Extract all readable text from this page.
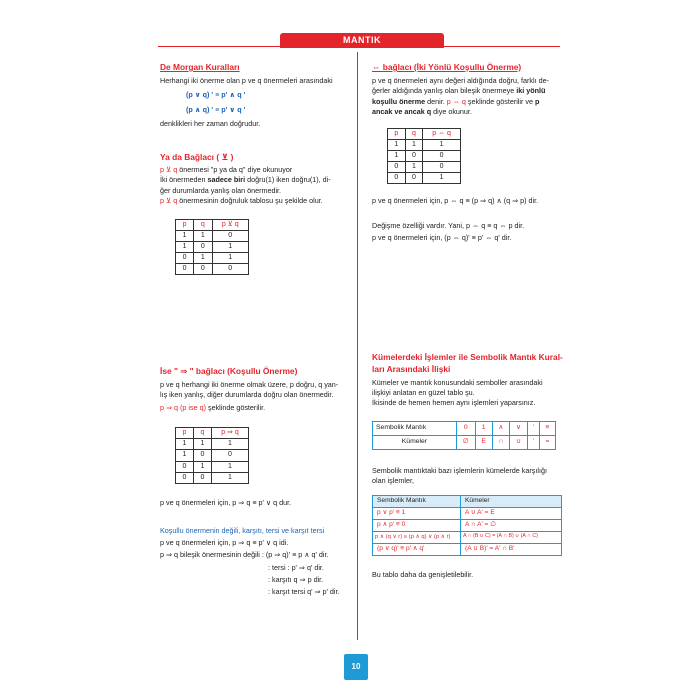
MANTIK
De Morgan Kuralları
Herhangi iki önerme olan p ve q önermeleri arasındaki
(p ∨ q) ' ≡ p' ∧ q '
(p ∧ q) ' ≡ p' ∨ q '
denklikleri her zaman doğrudur.
Ya da Bağlacı ( ⊻ )
p ⊻ q önermesi "p ya da q" diye okunuyor
İki önermeden sadece biri doğru(1) iken doğru(1), di-
ğer durumlarda yanlış olan önermedir.
p ⊻ q önermesinin doğruluk tablosu şu şekilde olur.
p	q	p ⊻ q
1	1	0
1	0	1
0	1	1
0	0	0
İse " ⇒ " bağlacı (Koşullu Önerme)
p ve q herhangi iki önerme olmak üzere, p doğru, q yan-
lış iken yanlış, diğer durumlarda doğru olan önermedir.
p ⇒ q (p ise q) şeklinde gösterilir.
p	q	p ⇒ q
1	1	1
1	0	0
0	1	1
0	0	1
p ve q önermeleri için, p ⇒ q ≡ p' ∨ q dur.
Koşullu önermenin değili, karşıtı, tersi ve karşıt tersi
p ve q önermeleri için, p ⇒ q ≡ p' ∨ q idi.
p ⇒ q bileşik önermesinin değili : (p ⇒ q)' ≡ p ∧ q' dir.
: tersi : p' ⇒ q' dir.
: karşıtı q ⇒ p dir.
: karşıt tersi q' ⇒ p' dir.
⇔ bağlacı (İki Yönlü Koşullu Önerme)
p ve q önermeleri aynı değeri aldığında doğru, farklı de-
ğerler aldığında yanlış olan bileşik önermeye iki yönlü
koşullu önerme denir. p ⇔ q şeklinde gösterilir ve p
ancak ve ancak q diye okunur.
p	q	p ⇔ q
1	1	1
1	0	0
0	1	0
0	0	1
p ve q önermeleri için, p ⇔ q ≡ (p ⇒ q) ∧ (q ⇒ p) dir.
Değişme özelliği vardır. Yani, p ⇔ q ≡ q ⇔ p dir.
p ve q önermeleri için, (p ⇔ q)' ≡ p' ⇔ q' dir.
Kümelerdeki İşlemler ile Sembolik Mantık Kural-
ları Arasındaki İlişki
Kümeler ve mantık konusundaki semboller arasındaki
ilişkiyi anlatan en güzel tablo şu.
İkisinde de hemen hemen aynı işlemleri yaparsınız.
Sembolik Mantık	0	1	∧	∨	'	≡
Kümeler	∅	E	∩	∪	'	=
Sembolik mantıktaki bazı işlemlerin kümelerde karşılığı
olan işlemler,
Sembolik Mantık	Kümeler
p ∨ p' ≡ 1	A ∪ A' = E
p ∧ p' ≡ 0	A ∩ A' = ∅
p ∧ (q ∨ r) ≡ (p ∧ q) ∨ (p ∧ r)	A ∩ (B ∪ C) = (A ∩ B) ∪ (A ∩ C)
(p ∨ q)' ≡ p' ∧ q'	(A ∪ B)' = A' ∩ B'
Bu tablo daha da genişletilebilir.
10
